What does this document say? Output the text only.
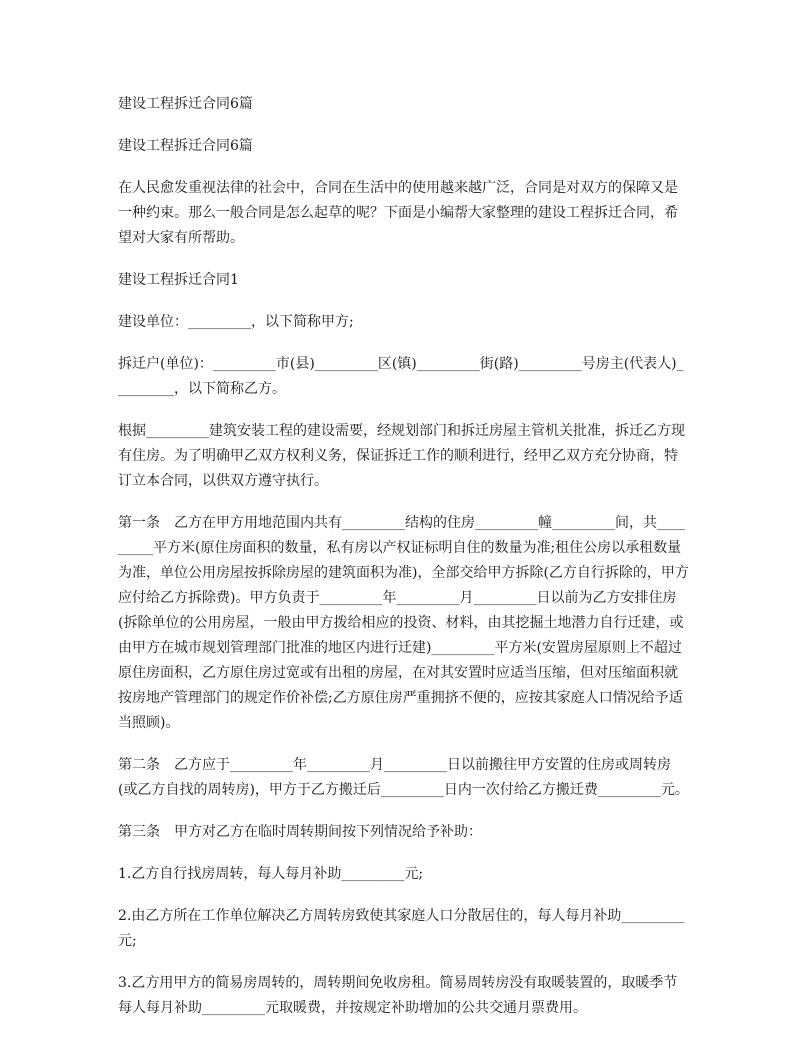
建设工程拆迁合同6篇

建设工程拆迁合同6篇

在人民愈发重视法律的社会中，合同在生活中的使用越来越广泛，合同是对双方的保障又是一种约束。那么一般合同是怎么起草的呢？下面是小编帮大家整理的建设工程拆迁合同，希望对大家有所帮助。

建设工程拆迁合同1

建设单位：_________，以下简称甲方;

拆迁户(单位)：_________市(县)_________区(镇)_________街(路)_________号房主(代表人)_________，以下简称乙方。

根据_________建筑安装工程的建设需要，经规划部门和拆迁房屋主管机关批准，拆迁乙方现有住房。为了明确甲乙双方权利义务，保证拆迁工作的顺利进行，经甲乙双方充分协商，特订立本合同，以供双方遵守执行。

第一条　乙方在甲方用地范围内共有_________结构的住房_________幢_________间，共_________平方米(原住房面积的数量，私有房以产权证标明自住的数量为准;租住公房以承租数量为准，单位公用房屋按拆除房屋的建筑面积为准)，全部交给甲方拆除(乙方自行拆除的，甲方应付给乙方拆除费)。甲方负责于_________年_________月_________日以前为乙方安排住房(拆除单位的公用房屋，一般由甲方拨给相应的投资、材料，由其挖掘土地潜力自行迁建，或由甲方在城市规划管理部门批准的地区内进行迁建)_________平方米(安置房屋原则上不超过原住房面积，乙方原住房过宽或有出租的房屋，在对其安置时应适当压缩，但对压缩面积就按房地产管理部门的规定作价补偿;乙方原住房严重拥挤不便的，应按其家庭人口情况给予适当照顾)。

第二条　乙方应于_________年_________月_________日以前搬往甲方安置的住房或周转房(或乙方自找的周转房)，甲方于乙方搬迁后_________日内一次付给乙方搬迁费_________元。

第三条　甲方对乙方在临时周转期间按下列情况给予补助：

1.乙方自行找房周转，每人每月补助_________元;

2.由乙方所在工作单位解决乙方周转房致使其家庭人口分散居住的，每人每月补助_________元;

3.乙方用甲方的简易房周转的，周转期间免收房租。简易周转房没有取暖装置的，取暖季节每人每月补助_________元取暖费，并按规定补助增加的公共交通月票费用。
